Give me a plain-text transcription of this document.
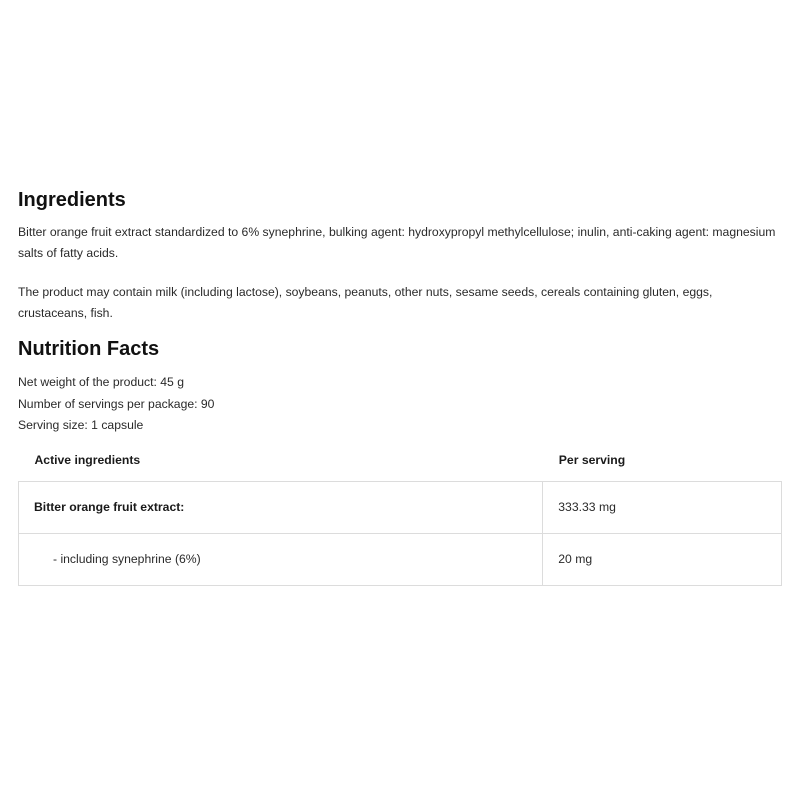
Ingredients

Bitter orange fruit extract standardized to 6% synephrine, bulking agent: hydroxypropyl methylcellulose; inulin, anti-caking agent: magnesium salts of fatty acids.

The product may contain milk (including lactose), soybeans, peanuts, other nuts, sesame seeds, cereals containing gluten, eggs, crustaceans, fish.

Nutrition Facts
Net weight of the product: 45 g
Number of servings per package: 90
Serving size: 1 capsule
Active ingredients	Per serving
Bitter orange fruit extract:	333.33 mg
- including synephrine (6%)	20 mg
